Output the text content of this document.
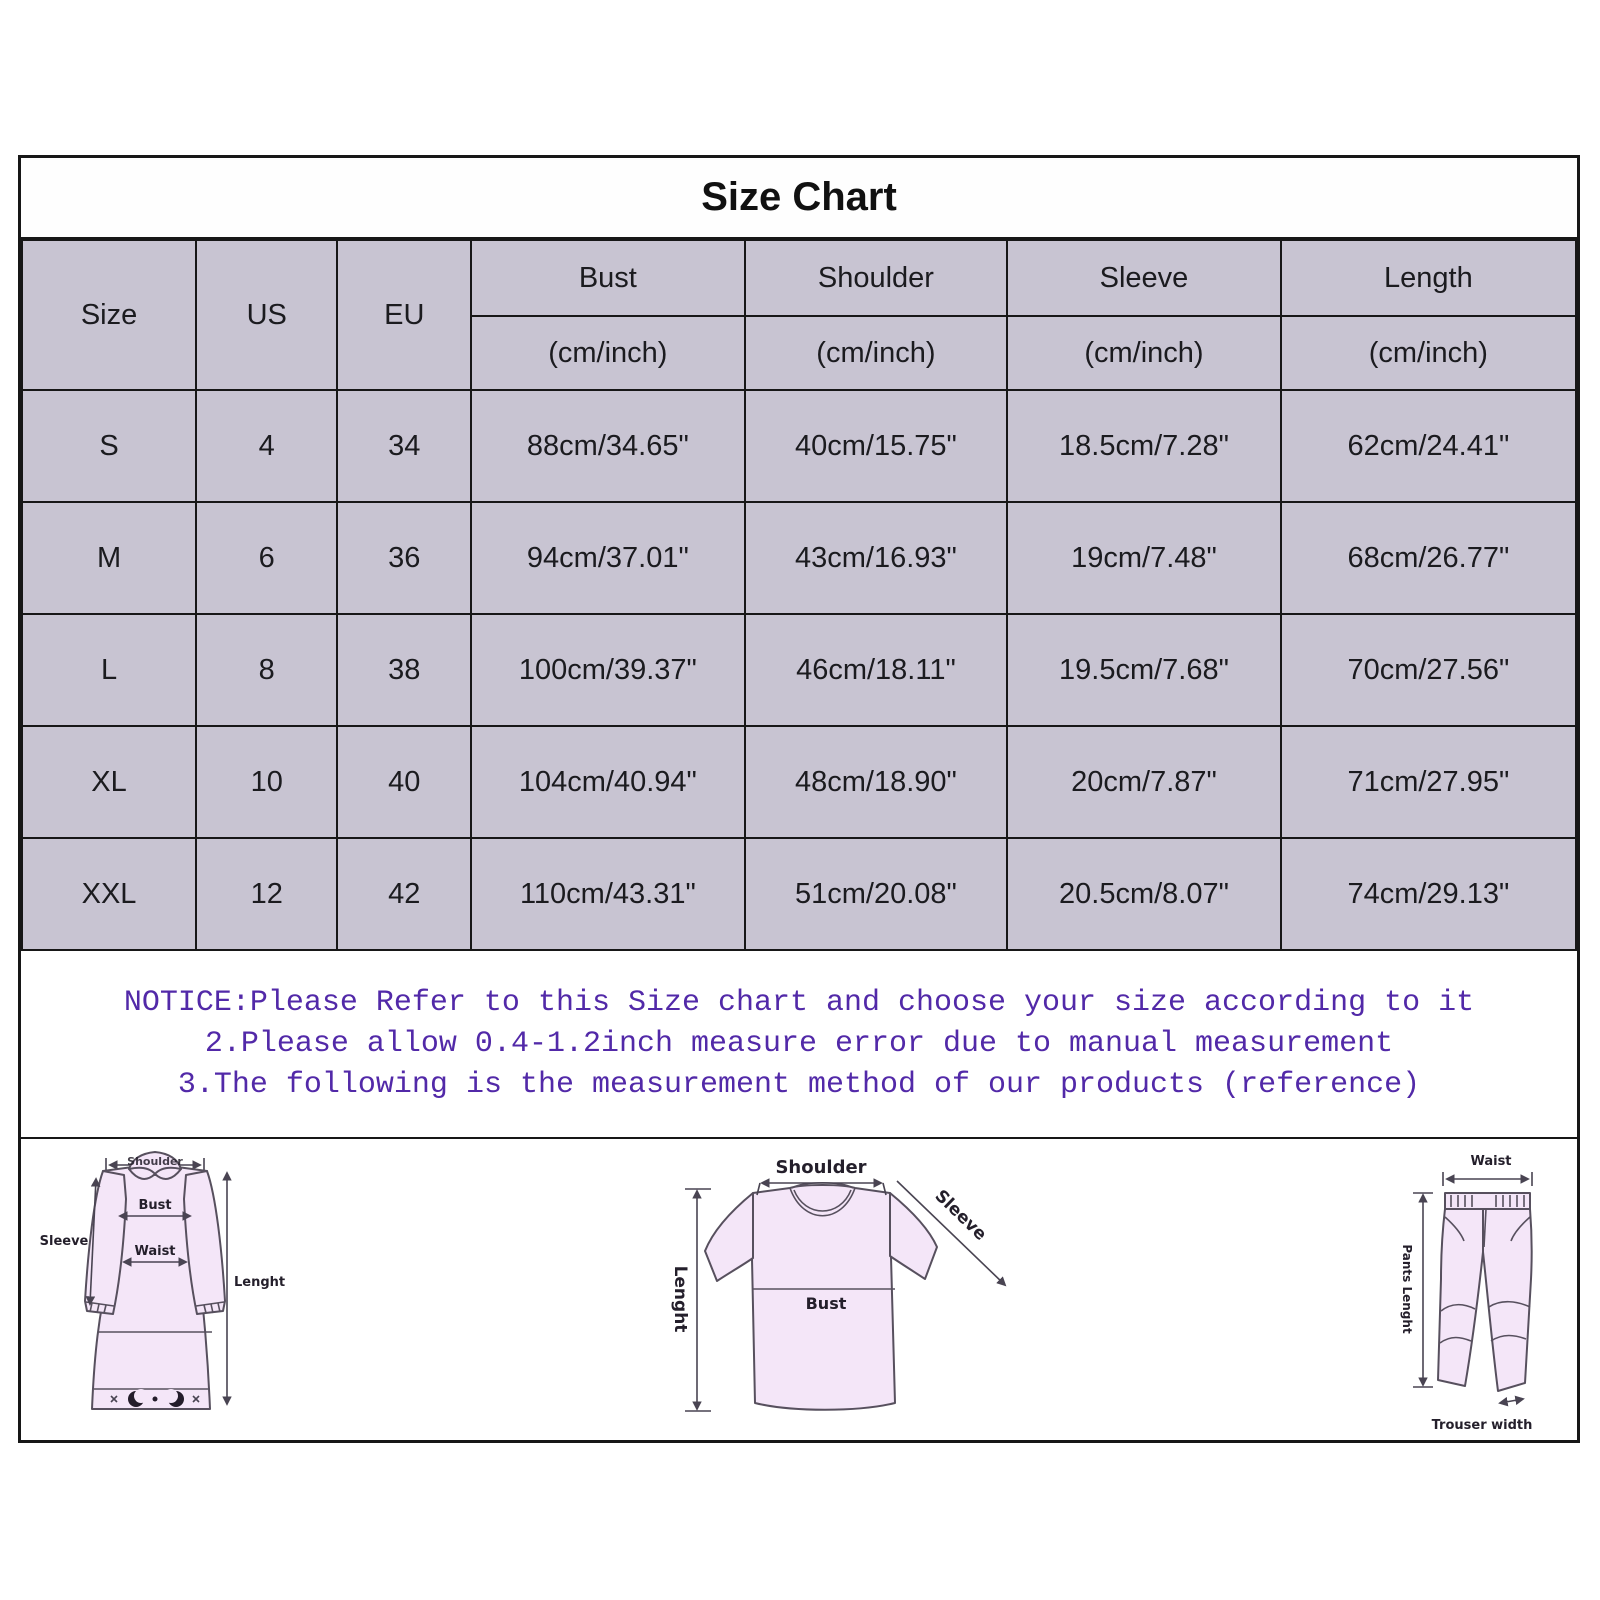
Size Chart
Size	US	EU	Bust	Shoulder	Sleeve	Length
			(cm/inch)	(cm/inch)	(cm/inch)	(cm/inch)
S	4	34	88cm/34.65"	40cm/15.75"	18.5cm/7.28"	62cm/24.41"
M	6	36	94cm/37.01"	43cm/16.93"	19cm/7.48"	68cm/26.77"
L	8	38	100cm/39.37"	46cm/18.11"	19.5cm/7.68"	70cm/27.56"
XL	10	40	104cm/40.94"	48cm/18.90"	20cm/7.87"	71cm/27.95"
XXL	12	42	110cm/43.31"	51cm/20.08"	20.5cm/8.07"	74cm/29.13"
NOTICE:Please Refer to this Size chart and choose your size according to it
2.Please allow 0.4-1.2inch measure error due to manual measurement
3.The following is the measurement method of our products (reference)
Shoulder
Bust
Waist
Sleeve
Lenght
Shoulder
Sleeve
Bust
Lenght
Waist
Pants Lenght
Trouser width
